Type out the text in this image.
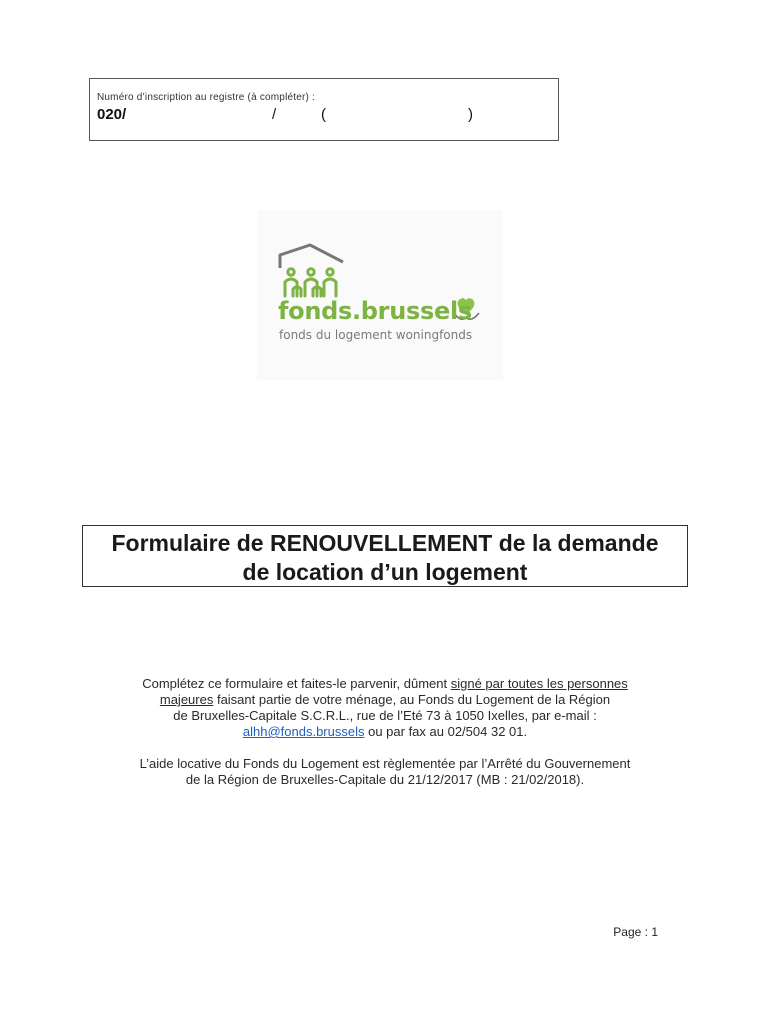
Numéro d’inscription au registre (à compléter) :
020/	/	(	)
fonds.brussels
fonds du logement woningfonds
Formulaire de RENOUVELLEMENT de la demande
de location d’un logement
Complétez ce formulaire et faites-le parvenir, dûment signé par toutes les personnes
majeures faisant partie de votre ménage, au Fonds du Logement de la Région
de Bruxelles-Capitale S.C.R.L., rue de l’Eté 73 à 1050 Ixelles, par e-mail :
alhh@fonds.brussels ou par fax au 02/504 32 01.
L’aide locative du Fonds du Logement est règlementée par l’Arrêté du Gouvernement
de la Région de Bruxelles-Capitale du 21/12/2017 (MB : 21/02/2018).
Page : 1
